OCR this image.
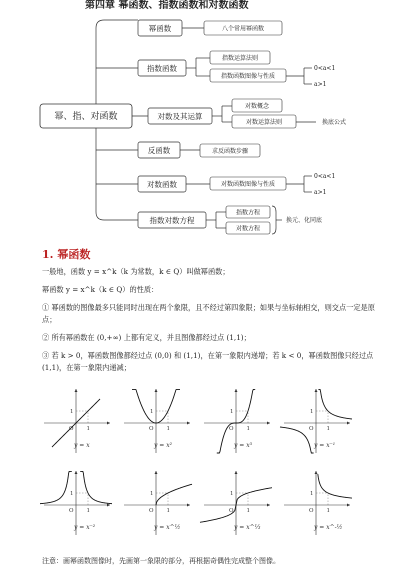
第四章 幂函数、指数函数和对数函数
幂、指、对函数
幂函数	八个常用幂函数
指数函数
指数运算法则
指数函数图像与性质
0<a<1
a>1
对数及其运算
对数概念
对数运算法则	换底公式
反函数	求反函数步骤
对数函数	对数函数图像与性质
0<a<1
a>1
指数对数方程
指数方程
对数方程
换元、化同底
1. 幂函数
一般地，函数 y = x^k（k 为常数，k ∈ Q）叫做幂函数；
幂函数 y = x^k（k ∈ Q）的性质：
① 幂函数的图像最多只能同时出现在两个象限，且不经过第四象限；如果与坐标轴相交，则交点一定是原点；
② 所有幂函数在 (0,+∞) 上都有定义，并且图像都经过点 (1,1)；
③ 若 k > 0，幂函数图像都经过点 (0,0) 和 (1,1)，在第一象限内递增；若 k < 0，幂函数图像只经过点 (1,1)，在第一象限内递减；
1
1
O
y = x
1
1
O
y = x²
1
1
O
y = x³
1
1
O
y = x⁻¹
1
1
O
y = x⁻²
1
1
O
y = x^½
1
1
O
y = x^⅓
1
1
O
y = x^-½
注意：画幂函数图像时，先画第一象限的部分，再根据奇偶性完成整个图像。
